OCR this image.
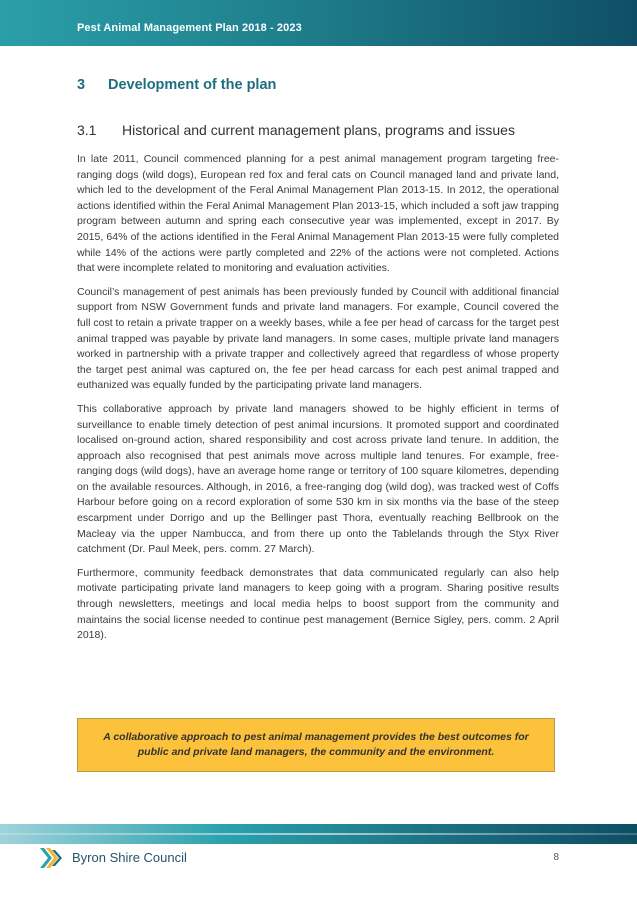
Pest Animal Management Plan 2018 - 2023
3 Development of the plan
3.1 Historical and current management plans, programs and issues

In late 2011, Council commenced planning for a pest animal management program targeting free-ranging dogs (wild dogs), European red fox and feral cats on Council managed land and private land, which led to the development of the Feral Animal Management Plan 2013-15. In 2012, the operational actions identified within the Feral Animal Management Plan 2013-15, which included a soft jaw trapping program between autumn and spring each consecutive year was implemented, except in 2017. By 2015, 64% of the actions identified in the Feral Animal Management Plan 2013-15 were fully completed while 14% of the actions were partly completed and 22% of the actions were not completed. Actions that were incomplete related to monitoring and evaluation activities.

Council’s management of pest animals has been previously funded by Council with additional financial support from NSW Government funds and private land managers. For example, Council covered the full cost to retain a private trapper on a weekly bases, while a fee per head of carcass for the target pest animal trapped was payable by private land managers. In some cases, multiple private land managers worked in partnership with a private trapper and collectively agreed that regardless of whose property the target pest animal was captured on, the fee per head carcass for each pest animal trapped and euthanized was equally funded by the participating private land managers.

This collaborative approach by private land managers showed to be highly efficient in terms of surveillance to enable timely detection of pest animal incursions. It promoted support and coordinated localised on-ground action, shared responsibility and cost across private land tenure. In addition, the approach also recognised that pest animals move across multiple land tenures. For example, free-ranging dogs (wild dogs), have an average home range or territory of 100 square kilometres, depending on the available resources. Although, in 2016, a free-ranging dog (wild dog), was tracked west of Coffs Harbour before going on a record exploration of some 530 km in six months via the base of the steep escarpment under Dorrigo and up the Bellinger past Thora, eventually reaching Bellbrook on the Macleay via the upper Nambucca, and from there up onto the Tablelands through the Styx River catchment (Dr. Paul Meek, pers. comm. 27 March).

Furthermore, community feedback demonstrates that data communicated regularly can also help motivate participating private land managers to keep going with a program. Sharing positive results through newsletters, meetings and local media helps to boost support from the community and maintains the social license needed to continue pest management (Bernice Sigley, pers. comm. 2 April 2018).

A collaborative approach to pest animal management provides the best outcomes for public and private land managers, the community and the environment.
Byron Shire Council	8
